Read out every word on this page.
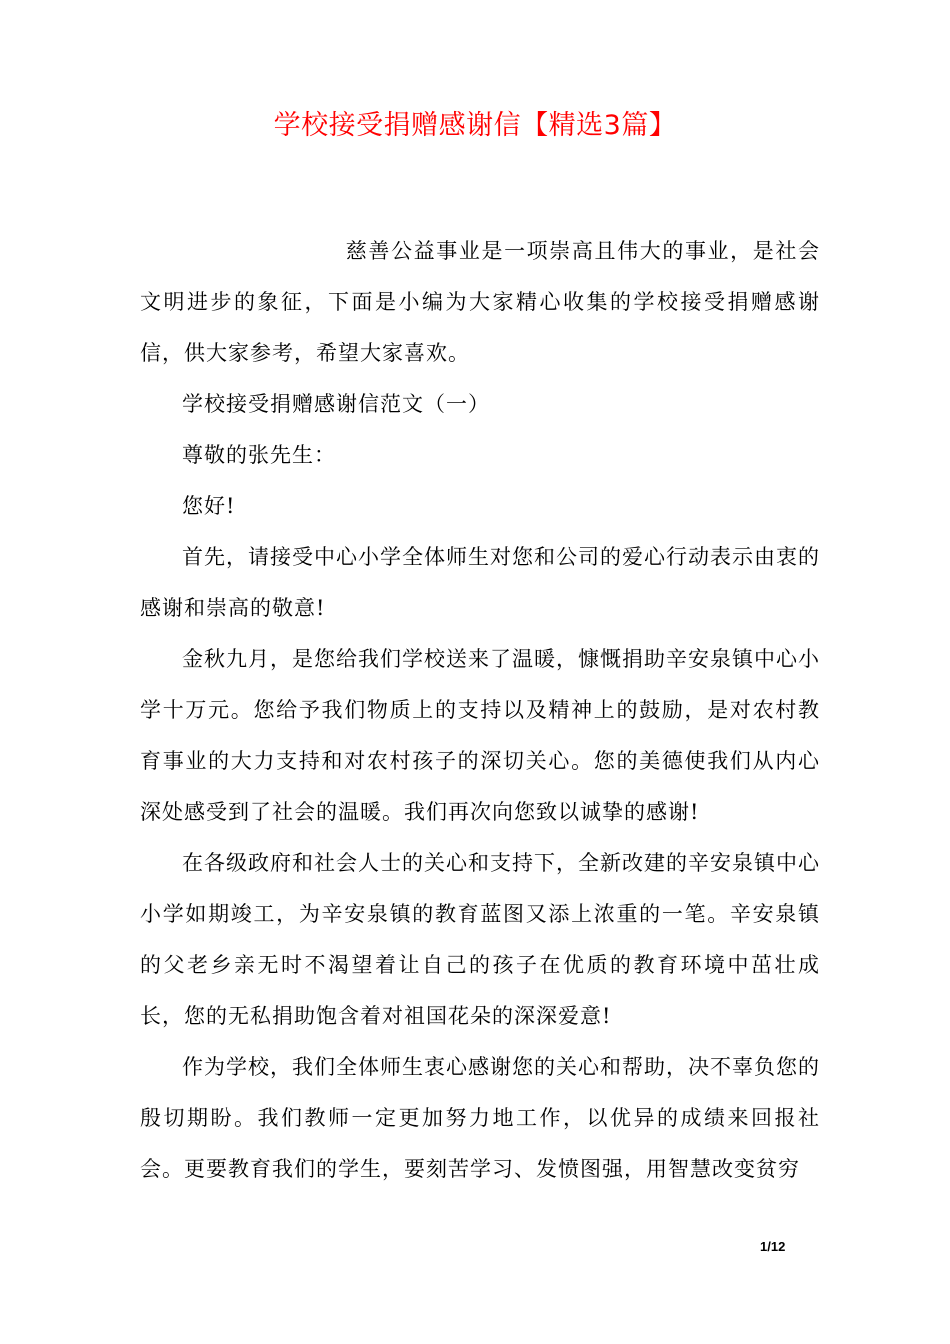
学校接受捐赠感谢信【精选3篇】

慈善公益事业是一项崇高且伟大的事业，是社会文明进步的象征，下面是小编为大家精心收集的学校接受捐赠感谢信，供大家参考，希望大家喜欢。

学校接受捐赠感谢信范文（一）

尊敬的张先生：

您好!

首先，请接受中心小学全体师生对您和公司的爱心行动表示由衷的感谢和崇高的敬意!

金秋九月，是您给我们学校送来了温暖，慷慨捐助辛安泉镇中心小学十万元。您给予我们物质上的支持以及精神上的鼓励，是对农村教育事业的大力支持和对农村孩子的深切关心。您的美德使我们从内心深处感受到了社会的温暖。我们再次向您致以诚挚的感谢!

在各级政府和社会人士的关心和支持下，全新改建的辛安泉镇中心小学如期竣工，为辛安泉镇的教育蓝图又添上浓重的一笔。辛安泉镇的父老乡亲无时不渴望着让自己的孩子在优质的教育环境中茁壮成长，您的无私捐助饱含着对祖国花朵的深深爱意!

作为学校，我们全体师生衷心感谢您的关心和帮助，决不辜负您的殷切期盼。我们教师一定更加努力地工作，以优异的成绩来回报社会。更要教育我们的学生，要刻苦学习、发愤图强，用智慧改变贫穷

1/12
